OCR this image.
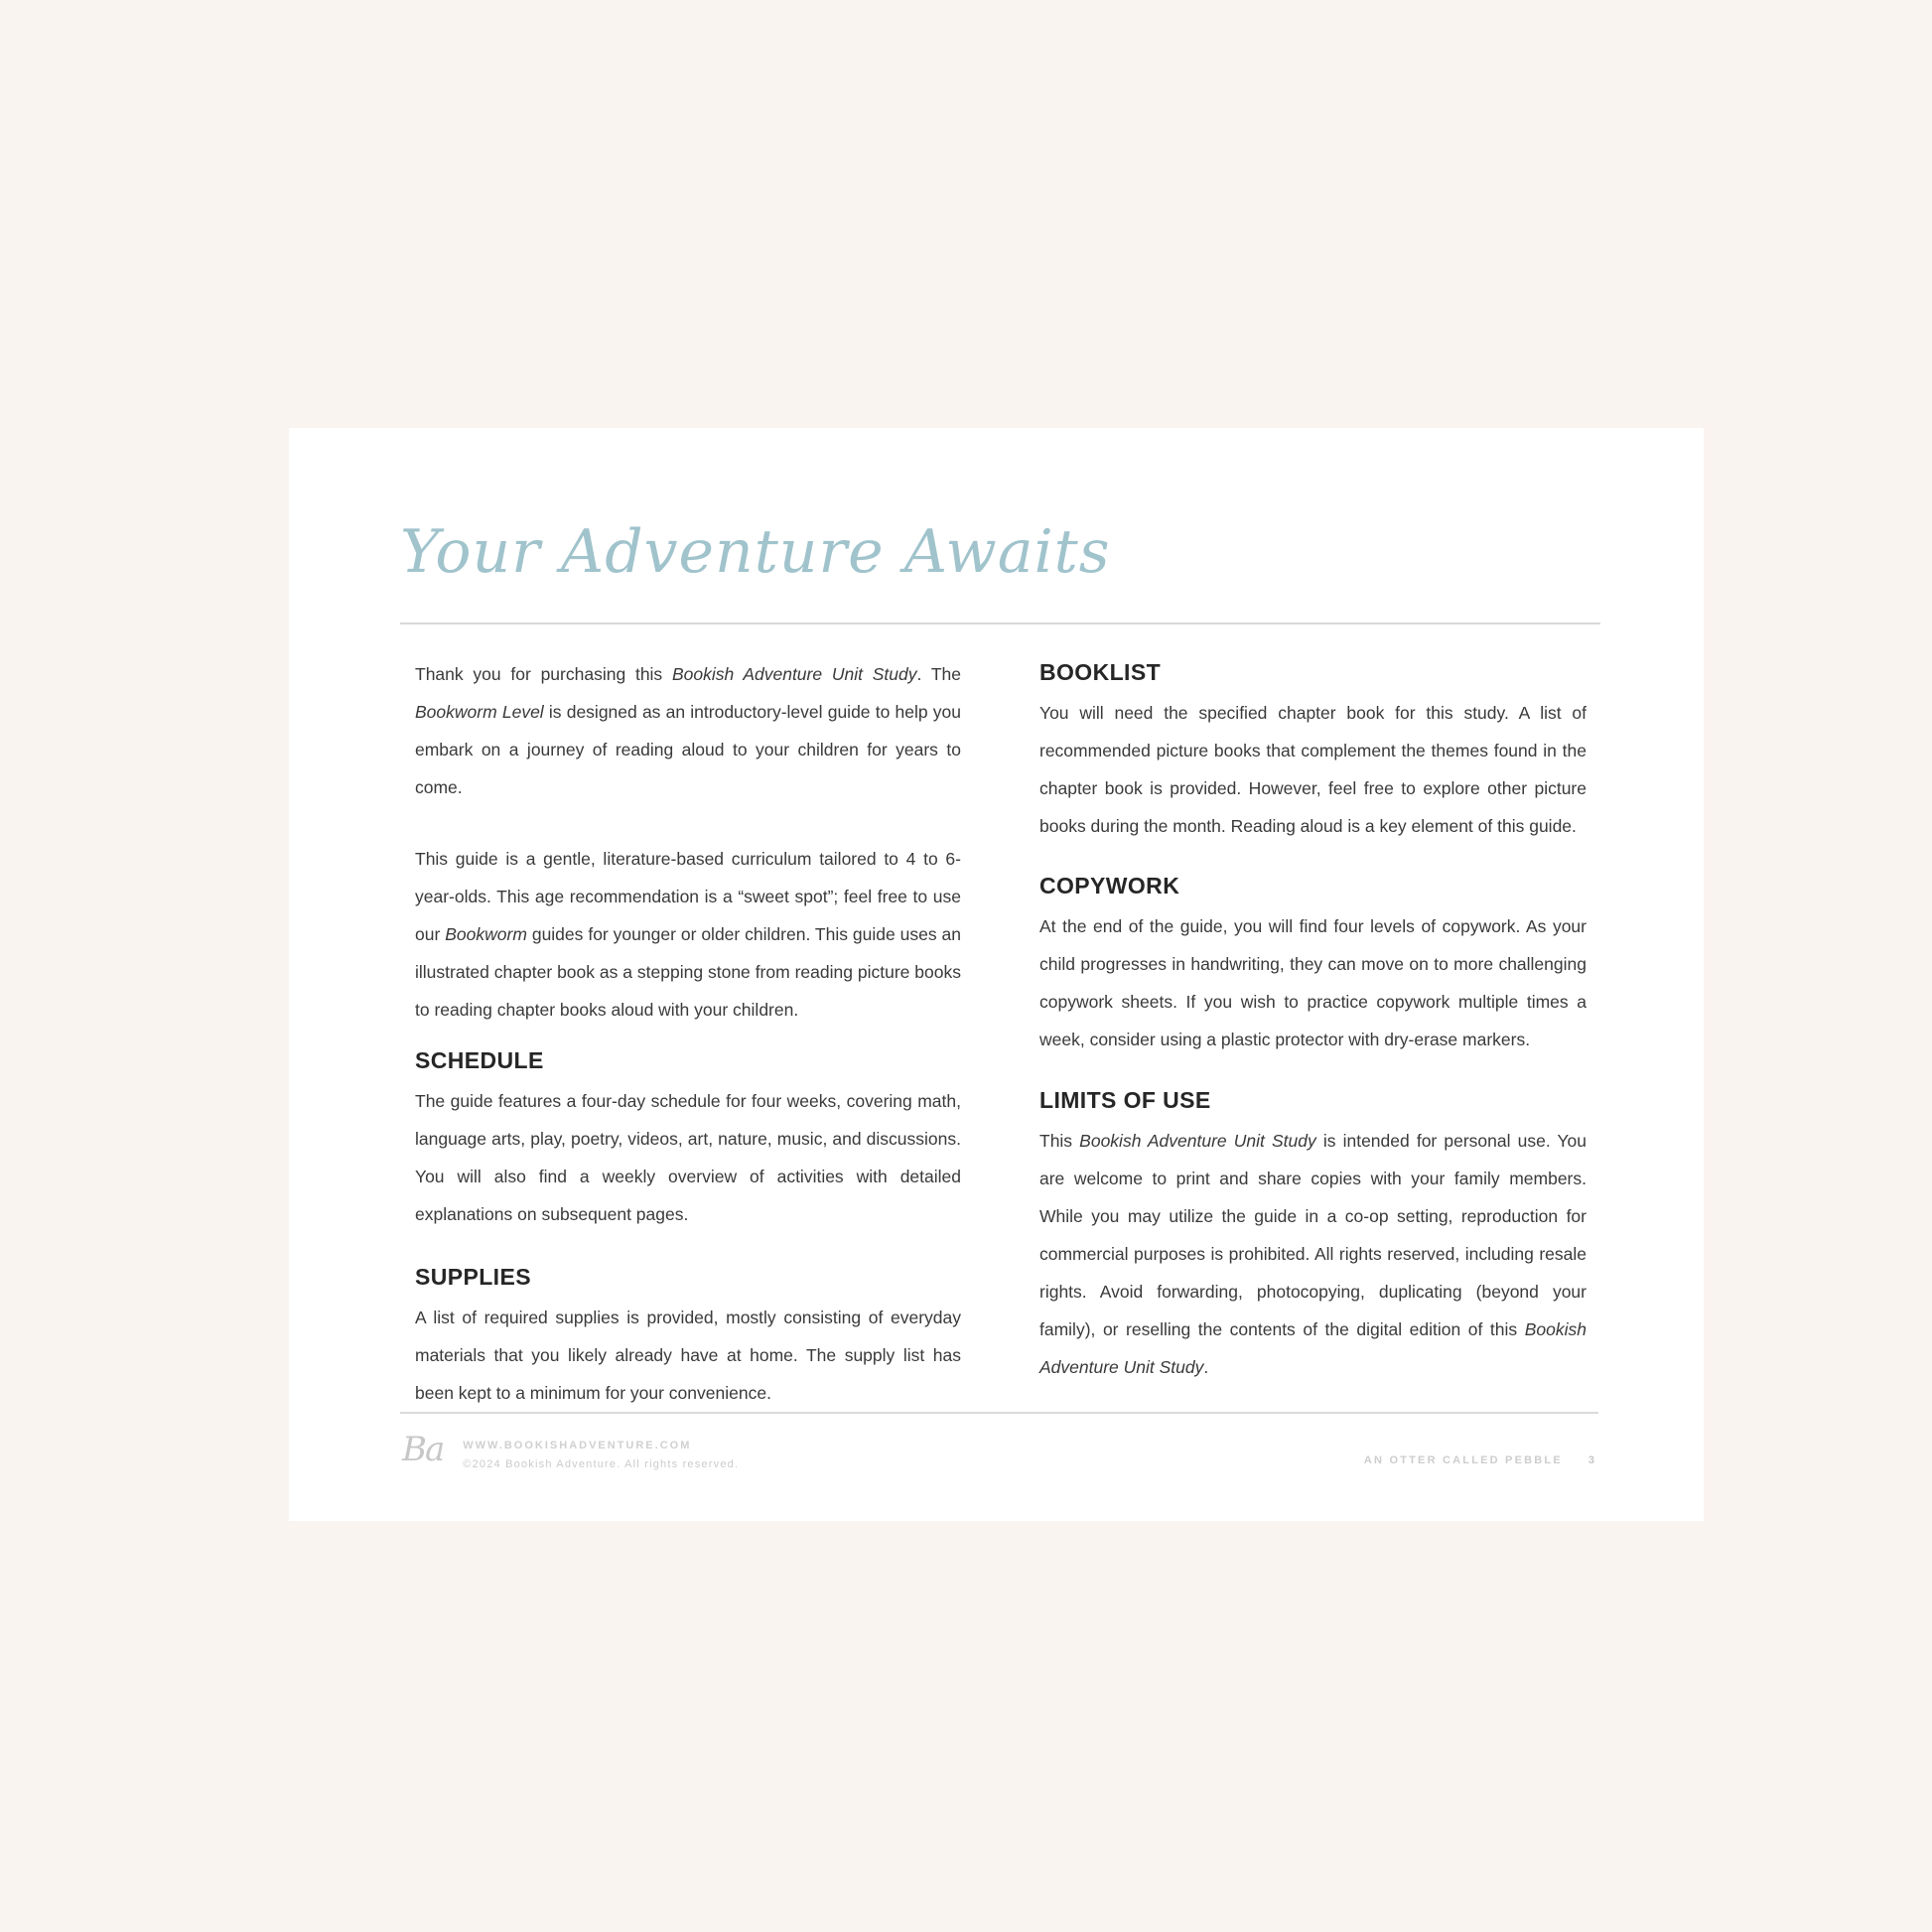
Your Adventure Awaits

Thank you for purchasing this Bookish Adventure Unit Study. The Bookworm Level is designed as an introductory-level guide to help you embark on a journey of reading aloud to your children for years to come.

This guide is a gentle, literature-based curriculum tailored to 4 to 6-year-olds. This age recommendation is a “sweet spot”; feel free to use our Bookworm guides for younger or older children. This guide uses an illustrated chapter book as a stepping stone from reading picture books to reading chapter books aloud with your children.

SCHEDULE

The guide features a four-day schedule for four weeks, covering math, language arts, play, poetry, videos, art, nature, music, and discussions. You will also find a weekly overview of activities with detailed explanations on subsequent pages.

SUPPLIES

A list of required supplies is provided, mostly consisting of everyday materials that you likely already have at home. The supply list has been kept to a minimum for your convenience.

BOOKLIST

You will need the specified chapter book for this study. A list of recommended picture books that complement the themes found in the chapter book is provided. However, feel free to explore other picture books during the month. Reading aloud is a key element of this guide.

COPYWORK

At the end of the guide, you will find four levels of copywork. As your child progresses in handwriting, they can move on to more challenging copywork sheets. If you wish to practice copywork multiple times a week, consider using a plastic protector with dry-erase markers.

LIMITS OF USE

This Bookish Adventure Unit Study is intended for personal use. You are welcome to print and share copies with your family members. While you may utilize the guide in a co-op setting, reproduction for commercial purposes is prohibited. All rights reserved, including resale rights. Avoid forwarding, photocopying, duplicating (beyond your family), or reselling the contents of the digital edition of this Bookish Adventure Unit Study.

Ba WWW.BOOKISHADVENTURE.COM
©2024 Bookish Adventure. All rights reserved.	AN OTTER CALLED PEBBLE 3
